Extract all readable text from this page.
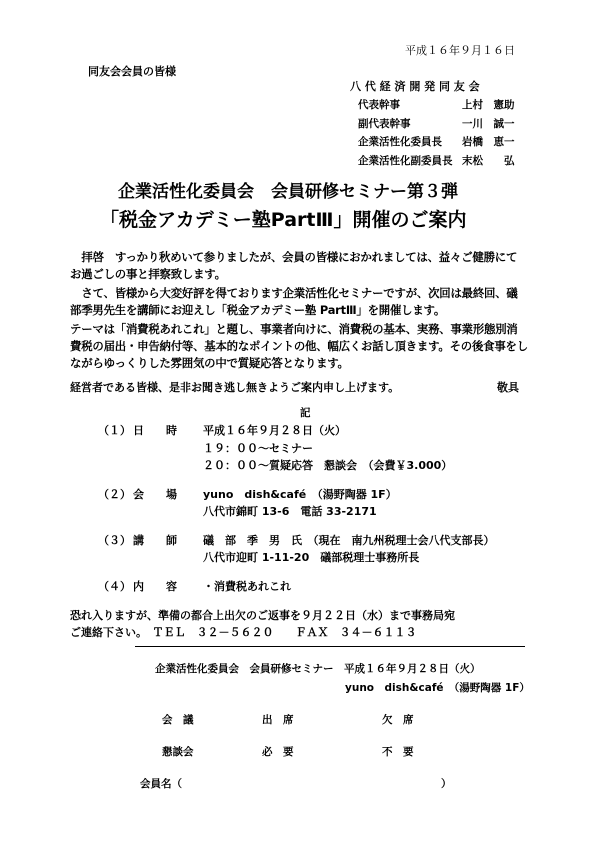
平成１６年９月１６日
同友会会員の皆様
八 代 経 済 開 発 同 友 会
代表幹事	上村　憲助
副代表幹事	一川　誠一
企業活性化委員長 岩橋　恵一
企業活性化副委員長 末松　　弘
企業活性化委員会　会員研修セミナー第３弾
「税金アカデミー塾PartⅢ」開催のご案内
拝啓　すっかり秋めいて参りましたが、会員の皆様におかれましては、益々ご健勝にてお過ごしの事と拝察致します。
さて、皆様から大変好評を得ております企業活性化セミナーですが、次回は最終回、礒部季男先生を講師にお迎えし「税金アカデミー塾 PartⅢ」を開催します。
テーマは「消費税あれこれ」と題し、事業者向けに、消費税の基本、実務、事業形態別消費税の届出・申告納付等、基本的なポイントの他、幅広くお話し頂きます。その後食事をしながらゆっくりした雰囲気の中で質疑応答となります。
経営者である皆様、是非お聞き逃し無きようご案内申し上げます。	敬具
記
（１） 日　　時 平成１６年９月２８日（火）
１９：００～セミナー
２０：００～質疑応答　懇談会　（会費￥3.000）
（２） 会　　場 yuno　dish&café　（湯野陶器 1F）
八代市錦町 13-6　電話 33-2171
（３） 講　　師 礒　部　季　男　氏　（現在　南九州税理士会八代支部長）
八代市迎町 1-11-20　礒部税理士事務所長
（４） 内　　容 ・消費税あれこれ
恐れ入りますが、準備の都合上出欠のご返事を９月２２日（水）まで事務局宛
ご連絡下さい。　ＴＥＬ　３２－５６２０　　ＦＡＸ　３４－６１１３
企業活性化委員会　会員研修セミナー　平成１６年９月２８日（火）
yuno　dish&café　（湯野陶器 1F）
会　議	出　席	欠　席
懇談会	必　要	不　要
会員名（	）
